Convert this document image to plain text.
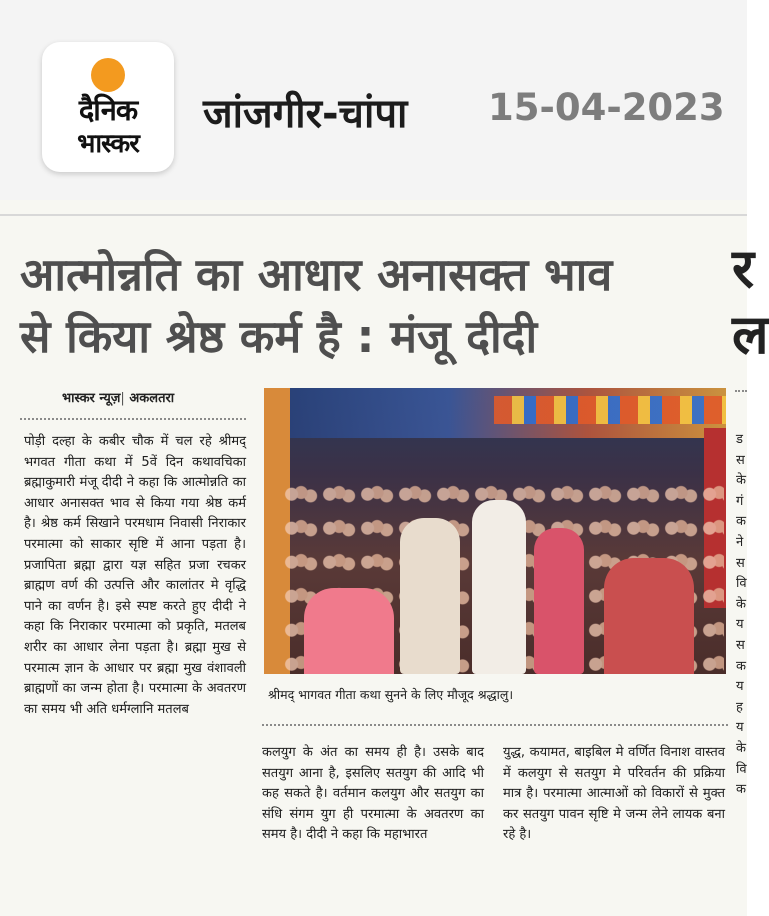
दैनिक
भास्कर
जांजगीर-चांपा 15-04-2023
आत्मोन्नति का आधार अनासक्त भाव
से किया श्रेष्ठ कर्म है : मंजू दीदी
र
ल
भास्कर न्यूज़| अकलतरा
पोड़ी दल्हा के कबीर चौक में चल रहे श्रीमद् भगवत गीता कथा में 5वें दिन कथावचिका ब्रह्माकुमारी मंजू दीदी ने कहा कि आत्मोन्नति का आधार अनासक्त भाव से किया गया श्रेष्ठ कर्म है। श्रेष्ठ कर्म सिखाने परमधाम निवासी निराकार परमात्मा को साकार सृष्टि में आना पड़ता है। प्रजापिता ब्रह्मा द्वारा यज्ञ सहित प्रजा रचकर ब्राह्मण वर्ण की उत्पत्ति और कालांतर मे वृद्धि पाने का वर्णन है। इसे स्पष्ट करते हुए दीदी ने कहा कि निराकार परमात्मा को प्रकृति, मतलब शरीर का आधार लेना पड़ता है। ब्रह्मा मुख से परमात्म ज्ञान के आधार पर ब्रह्मा मुख वंशावली ब्राह्मणों का जन्म होता है। परमात्मा के अवतरण का समय भी अति धर्मग्लानि मतलब
श्रीमद् भागवत गीता कथा सुनने के लिए मौजूद श्रद्धालु।
कलयुग के अंत का समय ही है। उसके बाद सतयुग आना है, इसलिए सतयुग की आदि भी कह सकते है। वर्तमान कलयुग और सतयुग का संधि संगम युग ही परमात्मा के अवतरण का समय है। दीदी ने कहा कि महाभारत
युद्ध, कयामत, बाइबिल मे वर्णित विनाश वास्तव में कलयुग से सतयुग मे परिवर्तन की प्रक्रिया मात्र है। परमात्मा आत्माओं को विकारों से मुक्त कर सतयुग पावन सृष्टि मे जन्म लेने लायक बना रहे है।
ड
स
के
गं
क
ने
स
वि
के
य
स
क
य
ह
य
के
वि
क
